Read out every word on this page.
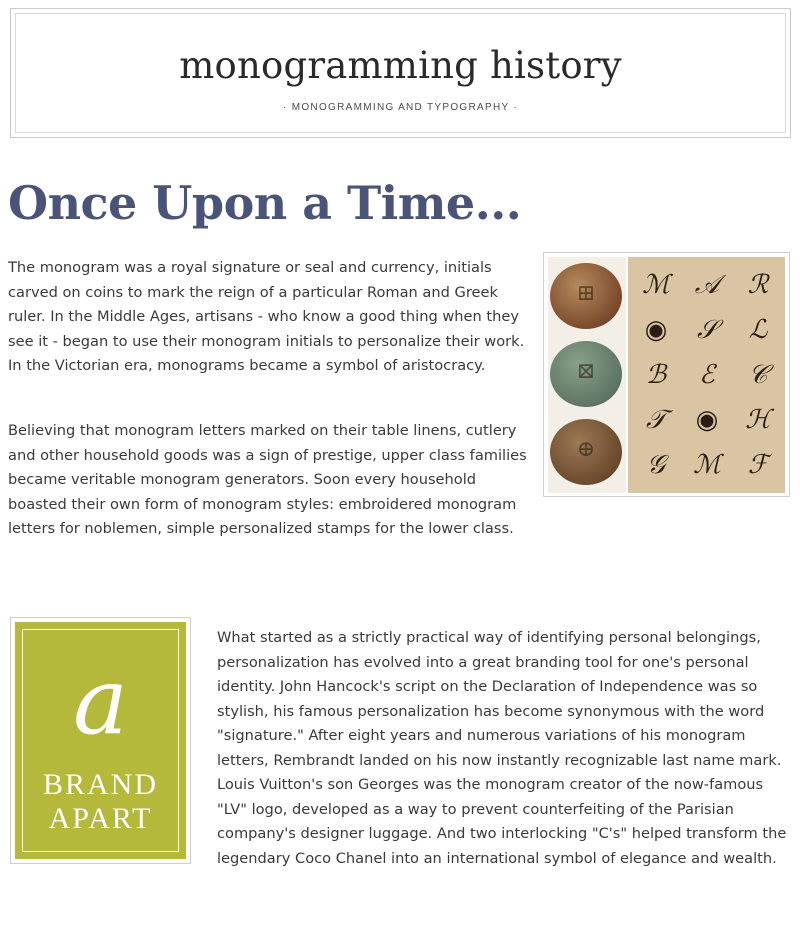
monogramming history
· MONOGRAMMING AND TYPOGRAPHY ·
Once Upon a Time...

The monogram was a royal signature or seal and currency, initials carved on coins to mark the reign of a particular Roman and Greek ruler. In the Middle Ages, artisans - who know a good thing when they see it - began to use their monogram initials to personalize their work. In the Victorian era, monograms became a symbol of aristocracy.

Believing that monogram letters marked on their table linens, cutlery and other household goods was a sign of prestige, upper class families became veritable monogram generators. Soon every household boasted their own form of monogram styles: embroidered monogram letters for noblemen, simple personalized stamps for the lower class.

⊞
⊠
⊕
ℳ 𝒜	ℛ
◉	𝒮	ℒ
ℬ	ℰ	𝒞
𝒯	◉	ℋ
𝒢	ℳ	ℱ
a
BRAND
APART

What started as a strictly practical way of identifying personal belongings, personalization has evolved into a great branding tool for one's personal identity. John Hancock's script on the Declaration of Independence was so stylish, his famous personalization has become synonymous with the word "signature." After eight years and numerous variations of his monogram letters, Rembrandt landed on his now instantly recognizable last name mark. Louis Vuitton's son Georges was the monogram creator of the now-famous "LV" logo, developed as a way to prevent counterfeiting of the Parisian company's designer luggage. And two interlocking "C's" helped transform the legendary Coco Chanel into an international symbol of elegance and wealth.
